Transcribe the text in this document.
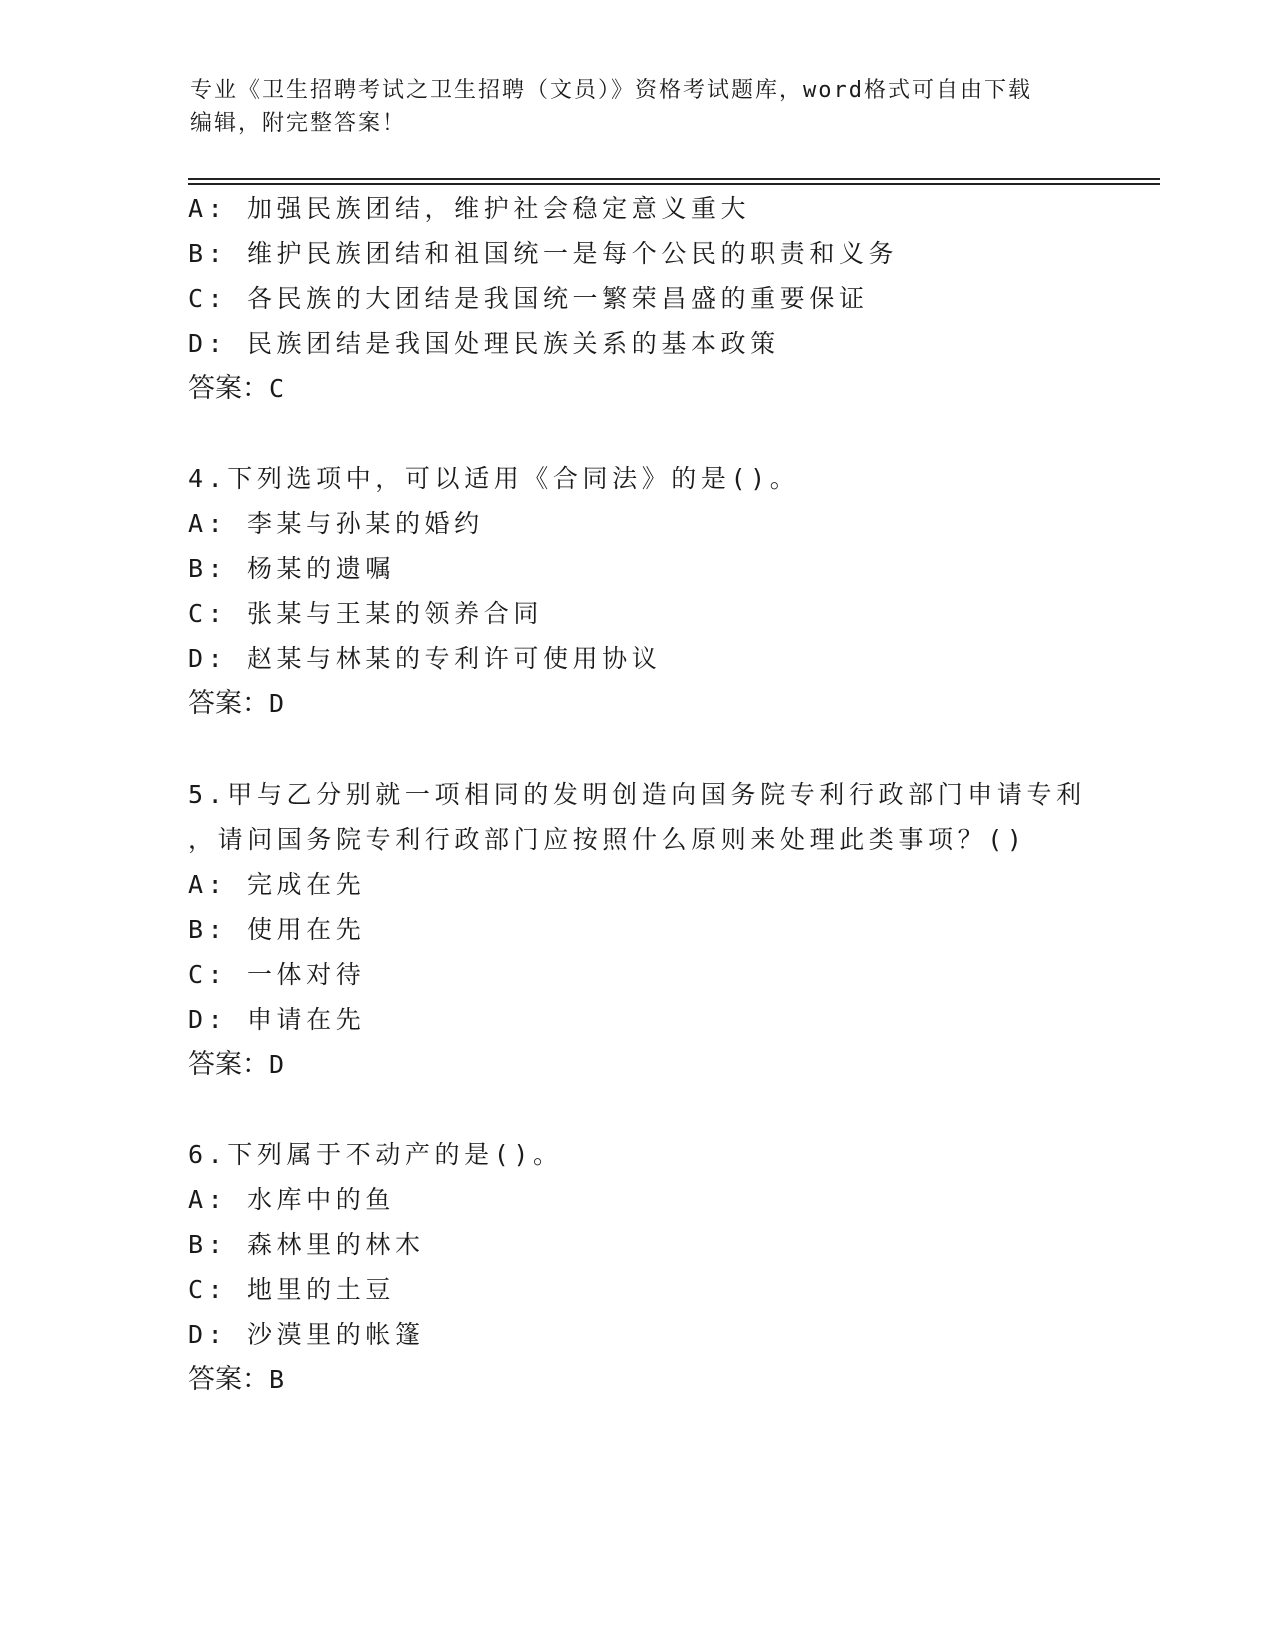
专业《卫生招聘考试之卫生招聘（文员）》资格考试题库，word格式可自由下载
编辑，附完整答案！
A: 加强民族团结，维护社会稳定意义重大
B: 维护民族团结和祖国统一是每个公民的职责和义务
C: 各民族的大团结是我国统一繁荣昌盛的重要保证
D: 民族团结是我国处理民族关系的基本政策
答案：C
4.下列选项中，可以适用《合同法》的是()。
A: 李某与孙某的婚约
B: 杨某的遗嘱
C: 张某与王某的领养合同
D: 赵某与林某的专利许可使用协议
答案：D
5.甲与乙分别就一项相同的发明创造向国务院专利行政部门申请专利
，请问国务院专利行政部门应按照什么原则来处理此类事项？()
A: 完成在先
B: 使用在先
C: 一体对待
D: 申请在先
答案：D
6.下列属于不动产的是()。
A: 水库中的鱼
B: 森林里的林木
C: 地里的土豆
D: 沙漠里的帐篷
答案：B
